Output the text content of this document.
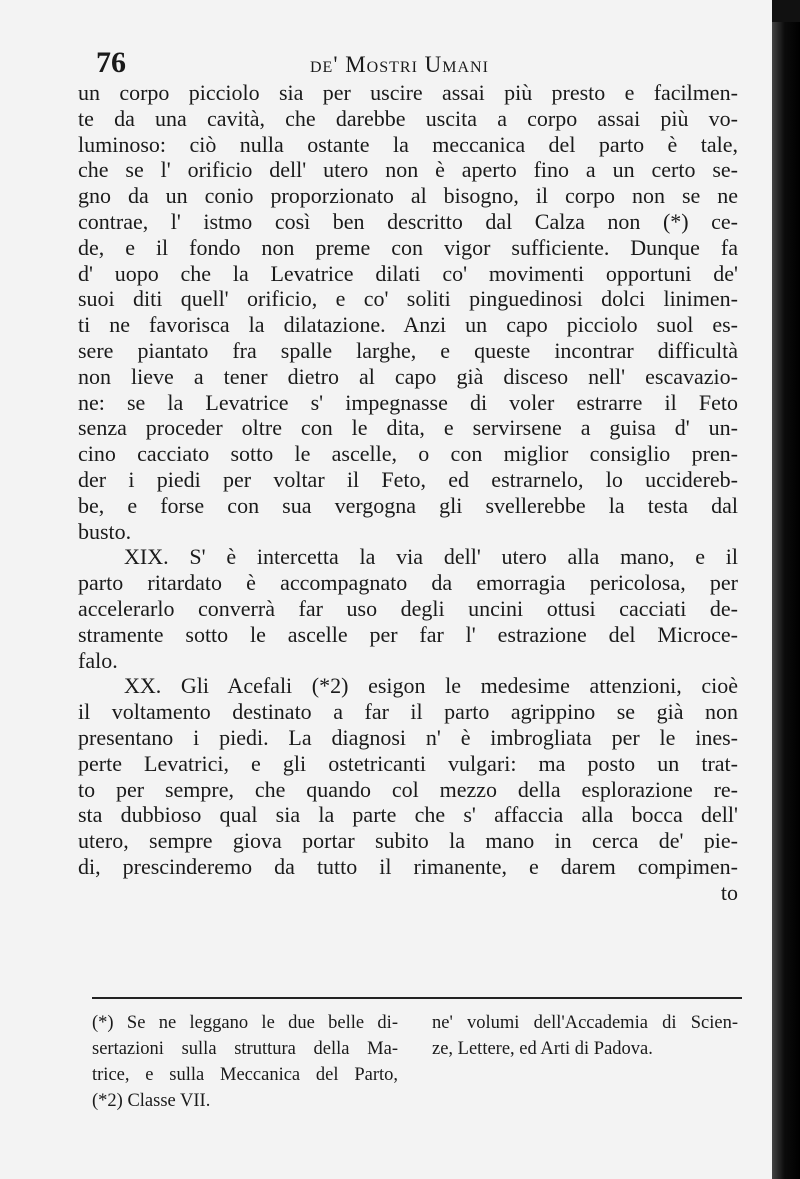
76	de' Mostri Umani
un corpo picciolo sia per uscire assai più presto e facilmen-
te da una cavità, che darebbe uscita a corpo assai più vo-
luminoso: ciò nulla ostante la meccanica del parto è tale,
che se l' orificio dell' utero non è aperto fino a un certo se-
gno da un conio proporzionato al bisogno, il corpo non se ne
contrae, l' istmo così ben descritto dal Calza non (*) ce-
de, e il fondo non preme con vigor sufficiente. Dunque fa
d' uopo che la Levatrice dilati co' movimenti opportuni de'
suoi diti quell' orificio, e co' soliti pinguedinosi dolci linimen-
ti ne favorisca la dilatazione. Anzi un capo picciolo suol es-
sere piantato fra spalle larghe, e queste incontrar difficultà
non lieve a tener dietro al capo già disceso nell' escavazio-
ne: se la Levatrice s' impegnasse di voler estrarre il Feto
senza proceder oltre con le dita, e servirsene a guisa d' un-
cino cacciato sotto le ascelle, o con miglior consiglio pren-
der i piedi per voltar il Feto, ed estrarnelo, lo uccidereb-
be, e forse con sua vergogna gli svellerebbe la testa dal
busto.
XIX. S' è intercetta la via dell' utero alla mano, e il
parto ritardato è accompagnato da emorragia pericolosa, per
accelerarlo converrà far uso degli uncini ottusi cacciati de-
stramente sotto le ascelle per far l' estrazione del Microce-
falo.
XX. Gli Acefali (*2) esigon le medesime attenzioni, cioè
il voltamento destinato a far il parto agrippino se già non
presentano i piedi. La diagnosi n' è imbrogliata per le ines-
perte Levatrici, e gli ostetricanti vulgari: ma posto un trat-
to per sempre, che quando col mezzo della esplorazione re-
sta dubbioso qual sia la parte che s' affaccia alla bocca dell'
utero, sempre giova portar subito la mano in cerca de' pie-
di, prescinderemo da tutto il rimanente, e darem compimen-
to
(*) Se ne leggano le due belle di-
sertazioni sulla struttura della Ma-
trice, e sulla Meccanica del Parto,
(*2) Classe VII.
ne' volumi dell'Accademia di Scien-
ze, Lettere, ed Arti di Padova.
